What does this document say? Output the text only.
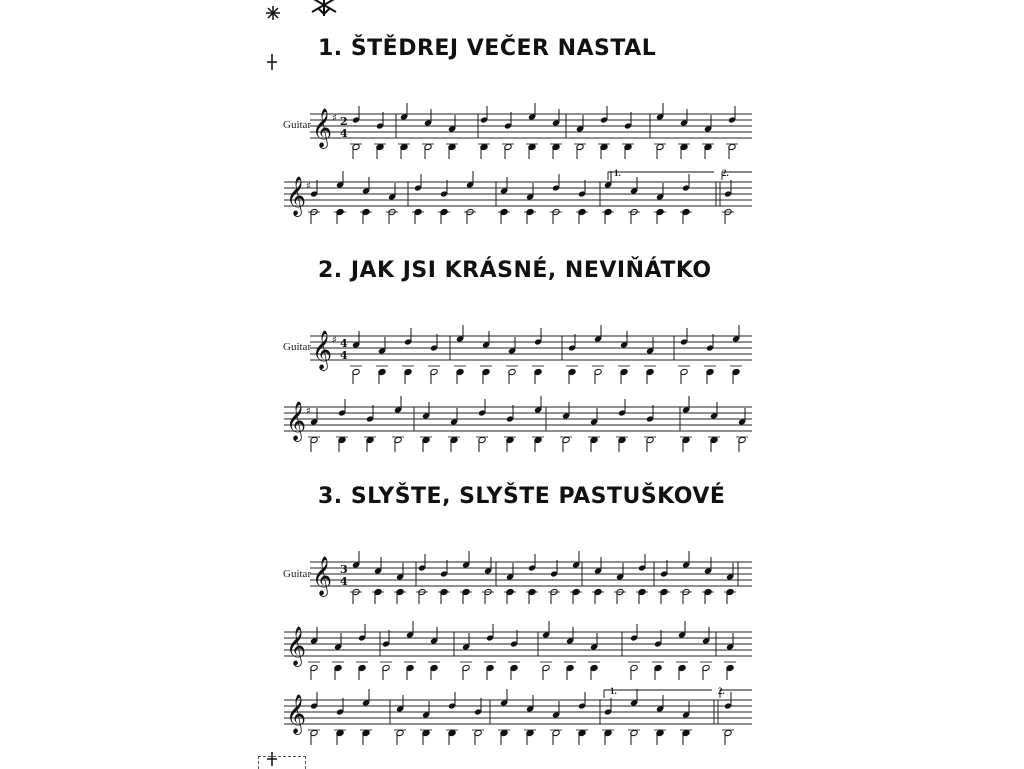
1. ŠTĚDREJ VEČER NASTAL
Guitar 𝄞 ♯ 2
4
𝄞 ♯
1.	2.
2. JAK JSI KRÁSNÉ, NEVIŇÁTKO
Guitar 𝄞 ♯ 4
4
𝄞 ♯
3. SLYŠTE, SLYŠTE PASTUŠKOVÉ
Guitar 𝄞 3
4
𝄞
𝄞
1.	2.
